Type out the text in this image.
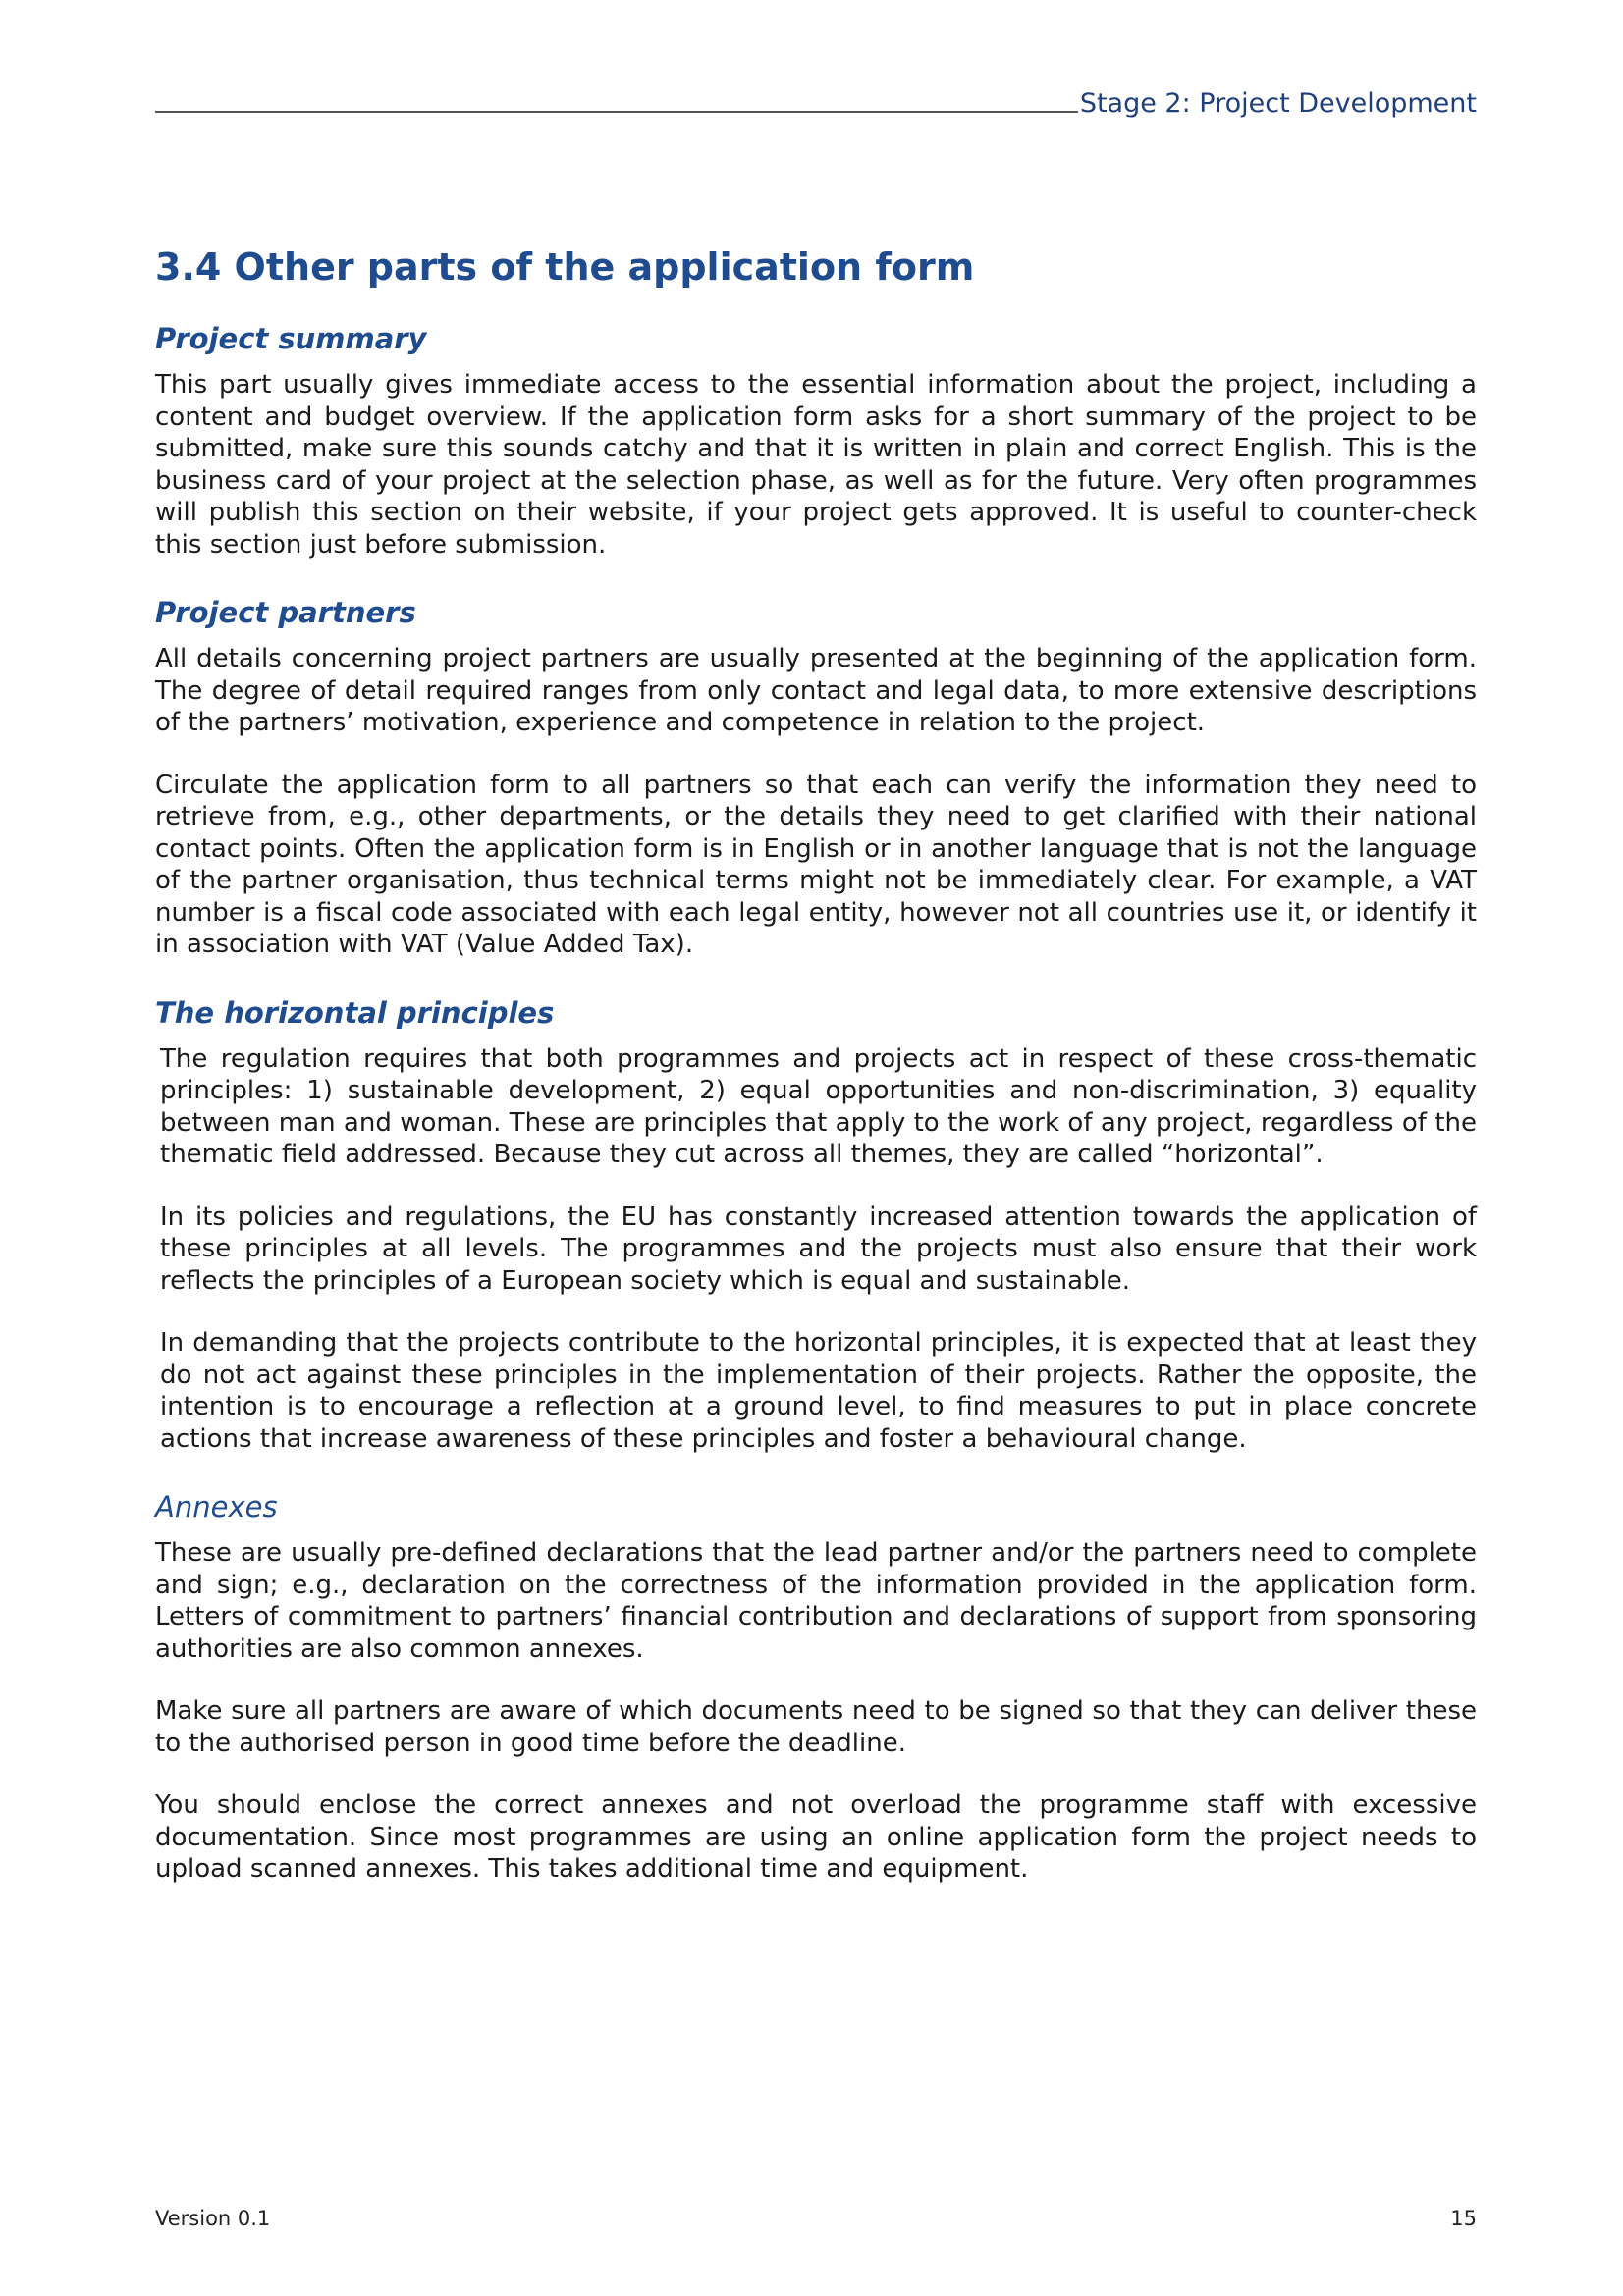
Stage 2: Project Development
3.4 Other parts of the application form
Project summary

This part usually gives immediate access to the essential information about the project, including a content and budget overview. If the application form asks for a short summary of the project to be submitted, make sure this sounds catchy and that it is written in plain and correct English. This is the business card of your project at the selection phase, as well as for the future. Very often programmes will publish this section on their website, if your project gets approved. It is useful to counter-check this section just before submission.

Project partners

All details concerning project partners are usually presented at the beginning of the application form. The degree of detail required ranges from only contact and legal data, to more extensive descriptions of the partners’ motivation, experience and competence in relation to the project.

Circulate the application form to all partners so that each can verify the information they need to retrieve from, e.g., other departments, or the details they need to get clarified with their national contact points. Often the application form is in English or in another language that is not the language of the partner organisation, thus technical terms might not be immediately clear. For example, a VAT number is a fiscal code associated with each legal entity, however not all countries use it, or identify it in association with VAT (Value Added Tax).

The horizontal principles

The regulation requires that both programmes and projects act in respect of these cross-thematic principles: 1) sustainable development, 2) equal opportunities and non-discrimination, 3) equality between man and woman. These are principles that apply to the work of any project, regardless of the thematic field addressed. Because they cut across all themes, they are called “horizontal”.

In its policies and regulations, the EU has constantly increased attention towards the application of these principles at all levels. The programmes and the projects must also ensure that their work reflects the principles of a European society which is equal and sustainable.

In demanding that the projects contribute to the horizontal principles, it is expected that at least they do not act against these principles in the implementation of their projects. Rather the opposite, the intention is to encourage a reflection at a ground level, to find measures to put in place concrete actions that increase awareness of these principles and foster a behavioural change.

Annexes

These are usually pre-defined declarations that the lead partner and/or the partners need to complete and sign; e.g., declaration on the correctness of the information provided in the application form. Letters of commitment to partners’ financial contribution and declarations of support from sponsoring authorities are also common annexes.

Make sure all partners are aware of which documents need to be signed so that they can deliver these to the authorised person in good time before the deadline.

You should enclose the correct annexes and not overload the programme staff with excessive documentation. Since most programmes are using an online application form the project needs to upload scanned annexes. This takes additional time and equipment.

Version 0.1	15
